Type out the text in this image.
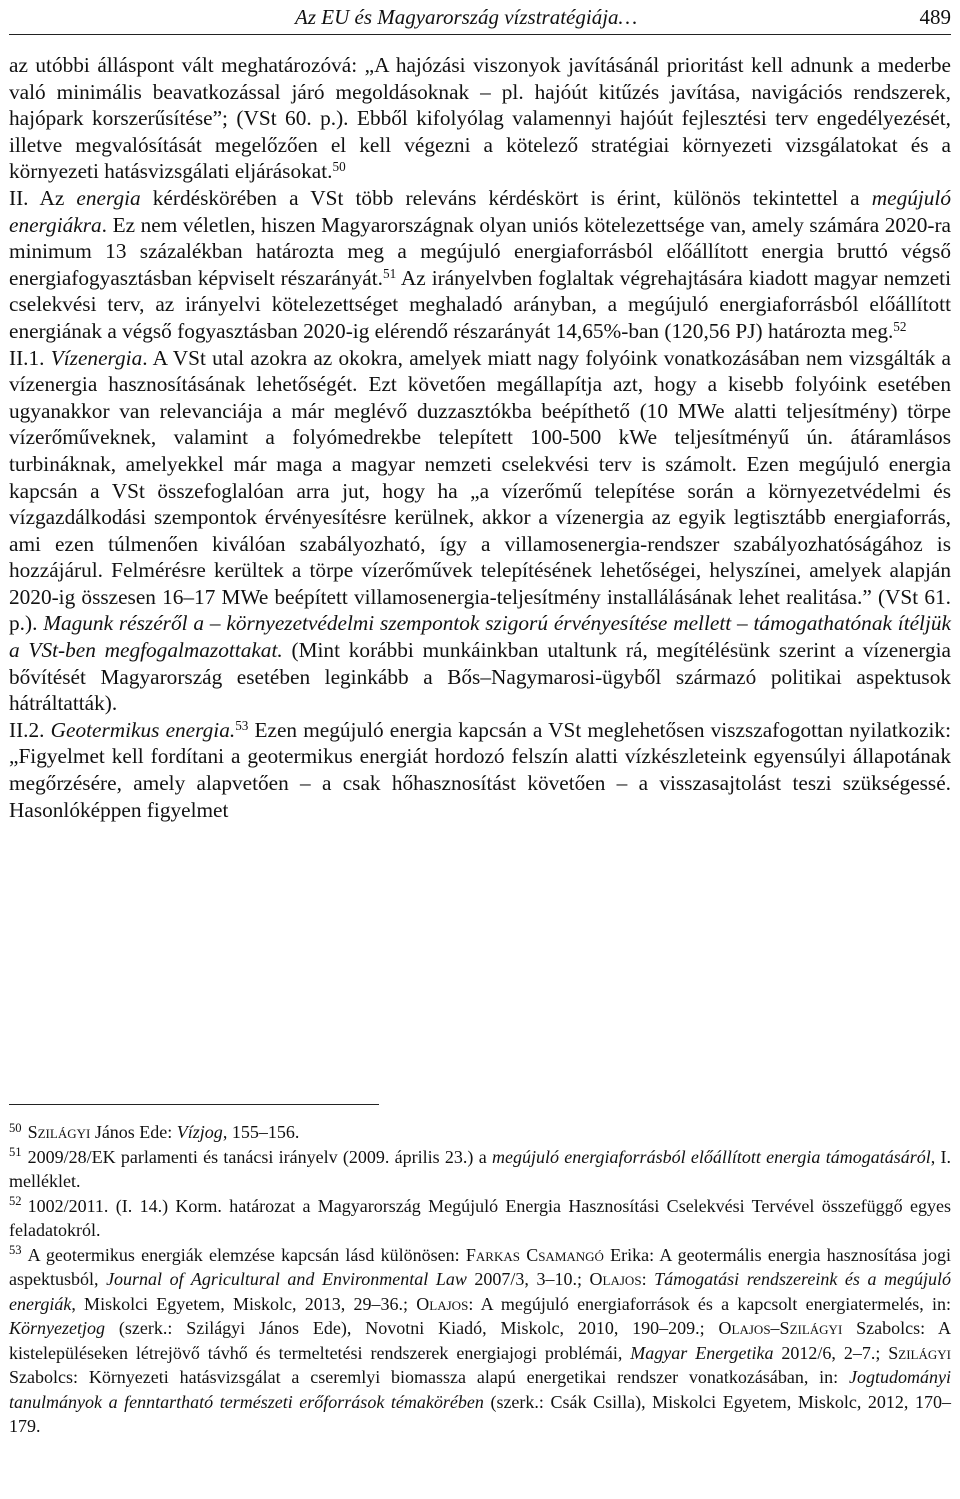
Az EU és Magyarország vízstratégiája…	489

az utóbbi álláspont vált meghatározóvá: „A hajózási viszonyok javításánál prioritást kell adnunk a mederbe való minimális beavatkozással járó megoldásoknak – pl. hajóút kitűzés javítása, navigációs rendszerek, hajópark korszerűsítése”; (VSt 60. p.). Ebből kifolyólag valamennyi hajóút fejlesztési terv engedélyezését, illetve megvalósítását megelőzően el kell végezni a kötelező stratégiai környezeti vizsgálatokat és a környezeti hatásvizsgálati eljárásokat.$^{50}$

II. Az energia kérdéskörében a VSt több releváns kérdéskört is érint, különös tekintettel a megújuló energiákra. Ez nem véletlen, hiszen Magyarországnak olyan uniós kötelezettsége van, amely számára 2020-ra minimum 13 százalékban határozta meg a megújuló energiaforrásból előállított energia bruttó végső energiafogyasztásban képviselt részarányát.$^{51}$ Az irányelvben foglaltak végrehajtására kiadott magyar nemzeti cselekvési terv, az irányelvi kötelezettséget meghaladó arányban, a megújuló energiaforrásból előállított energiának a végső fogyasztásban 2020-ig elérendő részarányát 14,65%-ban (120,56 PJ) határozta meg.$^{52}$

II.1. Vízenergia. A VSt utal azokra az okokra, amelyek miatt nagy folyóink vonatkozásában nem vizsgálták a vízenergia hasznosításának lehetőségét. Ezt követően megállapítja azt, hogy a kisebb folyóink esetében ugyanakkor van relevanciája a már meglévő duzzasztókba beépíthető (10 MWe alatti teljesítmény) törpe vízerőműveknek, valamint a folyómedrekbe telepített 100-500 kWe teljesítményű ún. átáramlásos turbináknak, amelyekkel már maga a magyar nemzeti cselekvési terv is számolt. Ezen megújuló energia kapcsán a VSt összefoglalóan arra jut, hogy ha „a vízerőmű telepítése során a környezetvédelmi és vízgazdálkodási szempontok érvényesítésre kerülnek, akkor a vízenergia az egyik legtisztább energiaforrás, ami ezen túlmenően kiválóan szabályozható, így a villamosenergia-rendszer szabályozhatóságához is hozzájárul. Felmérésre kerültek a törpe vízerőművek telepítésének lehetőségei, helyszínei, amelyek alapján 2020-ig összesen 16–17 MWe beépített villamosenergia-teljesítmény installálásának lehet realitása.” (VSt 61. p.). Magunk részéről a – környezetvédelmi szempontok szigorú érvényesítése mellett – támogathatónak ítéljük a VSt-ben megfogalmazottakat. (Mint korábbi munkáinkban utaltunk rá, megítélésünk szerint a vízenergia bővítését Magyarország esetében leginkább a Bős–Nagymarosi-ügyből származó politikai aspektusok hátráltatták).

II.2. Geotermikus energia.$^{53}$ Ezen megújuló energia kapcsán a VSt meglehetősen viszszafogottan nyilatkozik: „Figyelmet kell fordítani a geotermikus energiát hordozó felszín alatti vízkészleteink egyensúlyi állapotának megőrzésére, amely alapvetően – a csak hőhasznosítást követően – a visszasajtolást teszi szükségessé. Hasonlóképpen figyelmet

$^{50}$ Szilágyi János Ede: Vízjog, 155–156.

$^{51}$ 2009/28/EK parlamenti és tanácsi irányelv (2009. április 23.) a megújuló energiaforrásból előállított energia támogatásáról, I. melléklet.

$^{52}$ 1002/2011. (I. 14.) Korm. határozat a Magyarország Megújuló Energia Hasznosítási Cselekvési Tervével összefüggő egyes feladatokról.

$^{53}$ A geotermikus energiák elemzése kapcsán lásd különösen: Farkas Csamangó Erika: A geotermális energia hasznosítása jogi aspektusból, Journal of Agricultural and Environmental Law 2007/3, 3–10.; Olajos: Támogatási rendszereink és a megújuló energiák, Miskolci Egyetem, Miskolc, 2013, 29–36.; Olajos: A megújuló energiaforrások és a kapcsolt energiatermelés, in: Környezetjog (szerk.: Szilágyi János Ede), Novotni Kiadó, Miskolc, 2010, 190–209.; Olajos–Szilágyi Szabolcs: A kistelepüléseken létrejövő távhő és termeltetési rendszerek energiajogi problémái, Magyar Energetika 2012/6, 2–7.; Szilágyi Szabolcs: Környezeti hatásvizsgálat a cseremlyi biomassza alapú energetikai rendszer vonatkozásában, in: Jogtudományi tanulmányok a fenntartható természeti erőforrások témakörében (szerk.: Csák Csilla), Miskolci Egyetem, Miskolc, 2012, 170–179.
